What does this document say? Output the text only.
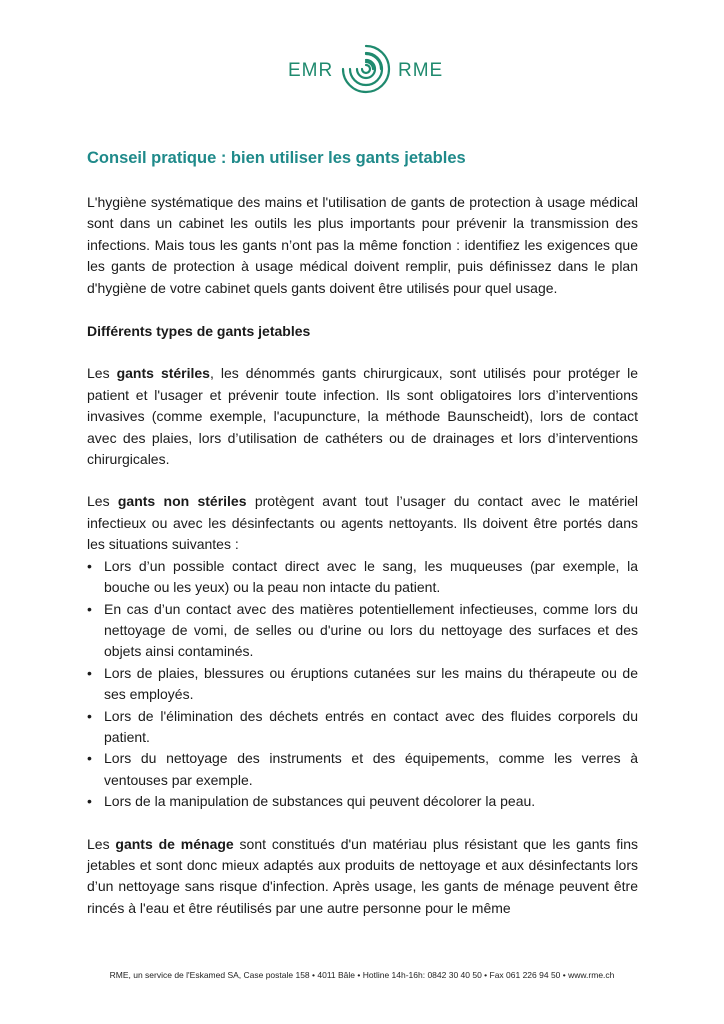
EMR	RME
Conseil pratique : bien utiliser les gants jetables

L'hygiène systématique des mains et l'utilisation de gants de protection à usage médical sont dans un cabinet les outils les plus importants pour prévenir la transmission des infections. Mais tous les gants n’ont pas la même fonction : identifiez les exigences que les gants de protection à usage médical doivent remplir, puis définissez dans le plan d'hygiène de votre cabinet quels gants doivent être utilisés pour quel usage.

Différents types de gants jetables

Les gants stériles, les dénommés gants chirurgicaux, sont utilisés pour protéger le patient et l'usager et prévenir toute infection. Ils sont obligatoires lors d’interventions invasives (comme exemple, l'acupuncture, la méthode Baunscheidt), lors de contact avec des plaies, lors d’utilisation de cathéters ou de drainages et lors d’interventions chirurgicales.

Les gants non stériles protègent avant tout l’usager du contact avec le matériel infectieux ou avec les désinfectants ou agents nettoyants. Ils doivent être portés dans les situations suivantes :

• Lors d’un possible contact direct avec le sang, les muqueuses (par exemple, la bouche ou les yeux) ou la peau non intacte du patient.
• En cas d’un contact avec des matières potentiellement infectieuses, comme lors du nettoyage de vomi, de selles ou d'urine ou lors du nettoyage des surfaces et des objets ainsi contaminés.
• Lors de plaies, blessures ou éruptions cutanées sur les mains du thérapeute ou de ses employés.
• Lors de l'élimination des déchets entrés en contact avec des fluides corporels du patient.
• Lors du nettoyage des instruments et des équipements, comme les verres à ventouses par exemple.
• Lors de la manipulation de substances qui peuvent décolorer la peau.

Les gants de ménage sont constitués d'un matériau plus résistant que les gants fins jetables et sont donc mieux adaptés aux produits de nettoyage et aux désinfectants lors d’un nettoyage sans risque d'infection. Après usage, les gants de ménage peuvent être rincés à l'eau et être réutilisés par une autre personne pour le même

RME, un service de l'Eskamed SA, Case postale 158 • 4011 Bâle • Hotline 14h-16h: 0842 30 40 50 • Fax 061 226 94 50 • www.rme.ch
